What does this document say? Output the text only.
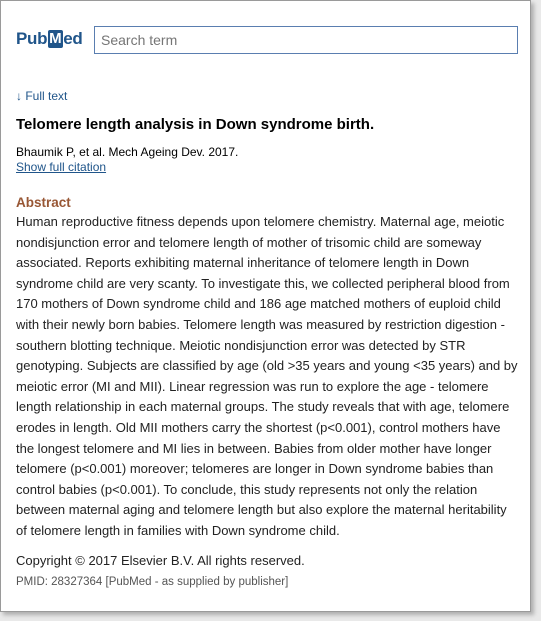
Pub M ed
Search term
↓ Full text
Telomere length analysis in Down syndrome birth.
Bhaumik P, et al. Mech Ageing Dev. 2017.
Show full citation
Abstract
Human reproductive fitness depends upon telomere chemistry. Maternal age, meiotic nondisjunction error and telomere length of mother of trisomic child are someway associated. Reports exhibiting maternal inheritance of telomere length in Down syndrome child are very scanty. To investigate this, we collected peripheral blood from 170 mothers of Down syndrome child and 186 age matched mothers of euploid child with their newly born babies. Telomere length was measured by restriction digestion - southern blotting technique. Meiotic nondisjunction error was detected by STR genotyping. Subjects are classified by age (old >35 years and young <35 years) and by meiotic error (MI and MII). Linear regression was run to explore the age - telomere length relationship in each maternal groups. The study reveals that with age, telomere erodes in length. Old MII mothers carry the shortest (p<0.001), control mothers have the longest telomere and MI lies in between. Babies from older mother have longer telomere (p<0.001) moreover; telomeres are longer in Down syndrome babies than control babies (p<0.001). To conclude, this study represents not only the relation between maternal aging and telomere length but also explore the maternal heritability of telomere length in families with Down syndrome child.
Copyright © 2017 Elsevier B.V. All rights reserved.
PMID: 28327364 [PubMed - as supplied by publisher]
